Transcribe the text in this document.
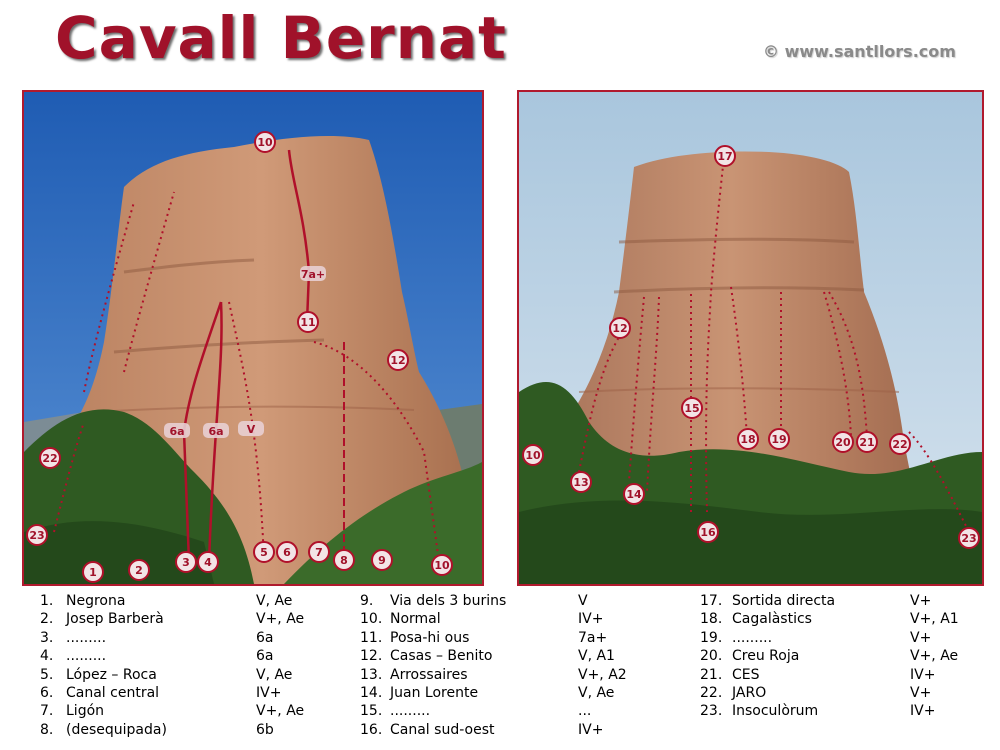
Cavall Bernat	© www.santllors.com
1	2
3 4
5 6 7
8	9	10
10
11
12
22
23
7a+
6a 6a V
10
12
13
14
15
16
17
18 19	20 21 22
23
1. Negrona	V, Ae
2. Josep Barberà	V+, Ae
3. .........	6a
4. .........	6a
5. López – Roca	V, Ae
6. Canal central	IV+
7. Ligón	V+, Ae
8. (desequipada)	6b
9. Via dels 3 burins	V
10. Normal	IV+
11. Posa-hi ous	7a+
12. Casas – Benito	V, A1
13. Arrossaires	V+, A2
14. Juan Lorente	V, Ae
15. .........	...
16. Canal sud-oest	IV+
17. Sortida directa	V+
18. Cagalàstics	V+, A1
19. .........	V+
20. Creu Roja	V+, Ae
21. CES	IV+
22. JARO	V+
23. Insoculòrum	IV+
